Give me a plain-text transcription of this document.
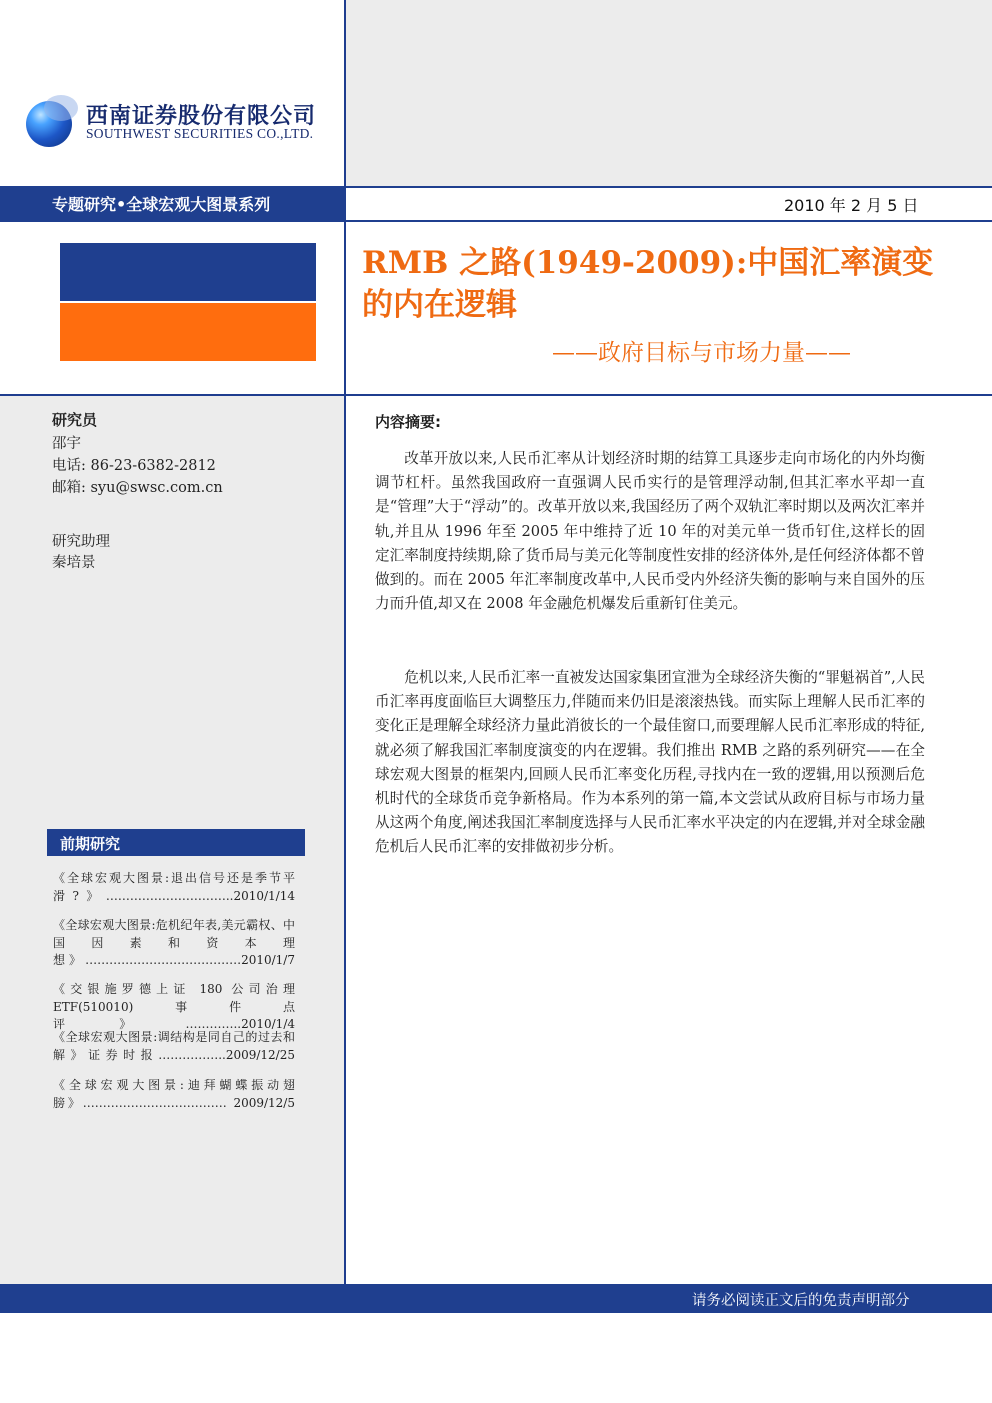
西南证券股份有限公司
SOUTHWEST SECURITIES CO.,LTD.
专题研究•全球宏观大图景系列	2010 年 2 月 5 日
RMB 之路(1949-2009):中国汇率演变的内在逻辑
——政府目标与市场力量——
研究员
邵宇
电话: 86-23-6382-2812
邮箱: syu@swsc.com.cn
研究助理
秦培景
前期研究
《全球宏观大图景:退出信号还是季节平滑?》…………………………..2010/1/14
《全球宏观大图景:危机纪年表,美元霸权、中国因素和资本理想》…………………………………2010/1/7
《交银施罗德上证 180 公司治理 ETF(510010)事件点评》…………..2010/1/4
《全球宏观大图景:调结构是同自己的过去和解》证券时报……………..2009/12/25
《全球宏观大图景:迪拜蝴蝶振动翅膀》……………………………… 2009/12/5
内容摘要:
改革开放以来,人民币汇率从计划经济时期的结算工具逐步走向市场化的内外均衡调节杠杆。虽然我国政府一直强调人民币实行的是管理浮动制,但其汇率水平却一直是“管理”大于“浮动”的。改革开放以来,我国经历了两个双轨汇率时期以及两次汇率并轨,并且从 1996 年至 2005 年中维持了近 10 年的对美元单一货币钉住,这样长的固定汇率制度持续期,除了货币局与美元化等制度性安排的经济体外,是任何经济体都不曾做到的。而在 2005 年汇率制度改革中,人民币受内外经济失衡的影响与来自国外的压力而升值,却又在 2008 年金融危机爆发后重新钉住美元。
危机以来,人民币汇率一直被发达国家集团宣泄为全球经济失衡的“罪魁祸首”,人民币汇率再度面临巨大调整压力,伴随而来仍旧是滚滚热钱。而实际上理解人民币汇率的变化正是理解全球经济力量此消彼长的一个最佳窗口,而要理解人民币汇率形成的特征,就必须了解我国汇率制度演变的内在逻辑。我们推出 RMB 之路的系列研究——在全球宏观大图景的框架内,回顾人民币汇率变化历程,寻找内在一致的逻辑,用以预测后危机时代的全球货币竞争新格局。作为本系列的第一篇,本文尝试从政府目标与市场力量从这两个角度,阐述我国汇率制度选择与人民币汇率水平决定的内在逻辑,并对全球金融危机后人民币汇率的安排做初步分析。
请务必阅读正文后的免责声明部分
